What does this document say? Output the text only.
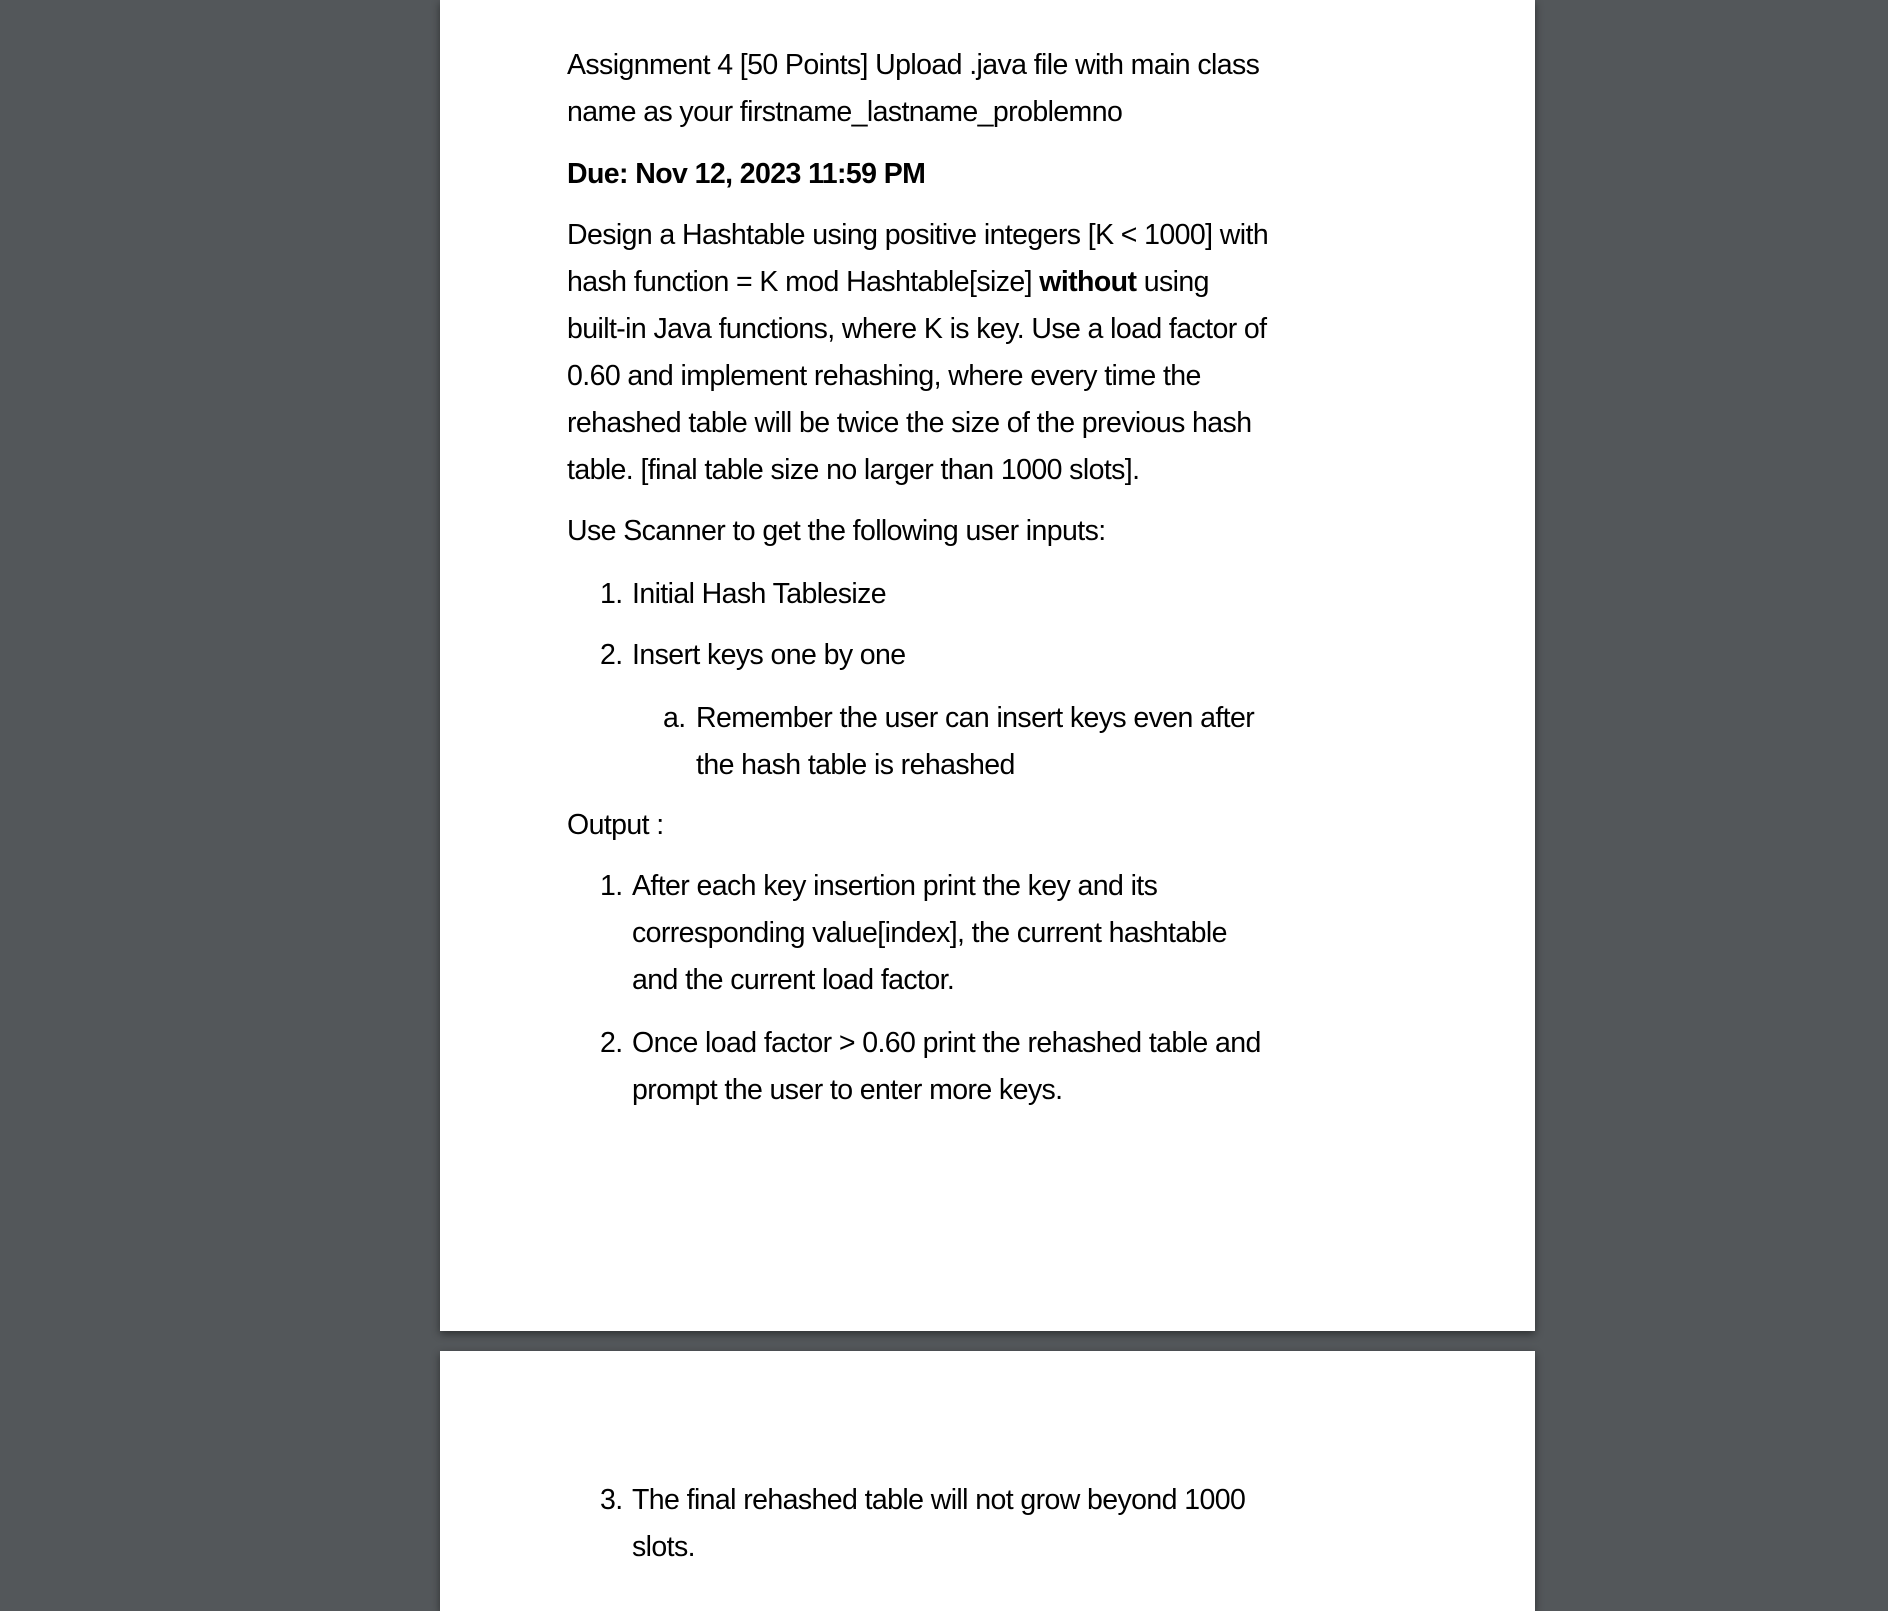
Assignment 4 [50 Points] Upload .java file with main class
name as your firstname_lastname_problemno
Due: Nov 12, 2023 11:59 PM
Design a Hashtable using positive integers [K < 1000] with
hash function = K mod Hashtable[size] without using
built-in Java functions, where K is key. Use a load factor of
0.60 and implement rehashing, where every time the
rehashed table will be twice the size of the previous hash
table. [final table size no larger than 1000 slots].
Use Scanner to get the following user inputs:
1. Initial Hash Tablesize
2. Insert keys one by one
a. Remember the user can insert keys even after
the hash table is rehashed
Output :
1. After each key insertion print the key and its
corresponding value[index], the current hashtable
and the current load factor.
2. Once load factor > 0.60 print the rehashed table and
prompt the user to enter more keys.
3. The final rehashed table will not grow beyond 1000
slots.
